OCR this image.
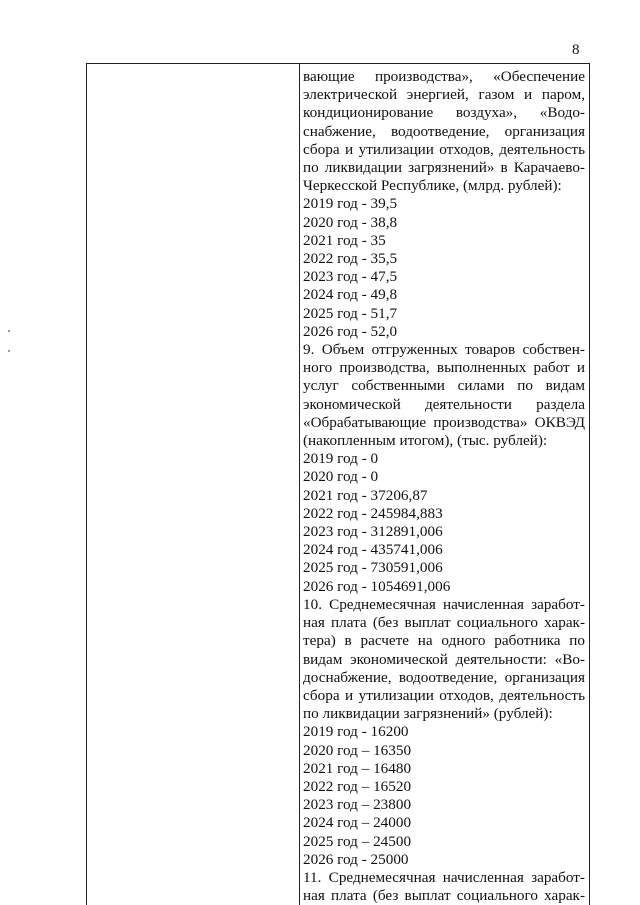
8
вающие производства», «Обеспечение
электрической энергией, газом и паром,
кондиционирование воздуха», «Водо-
снабжение, водоотведение, организация
сбора и утилизации отходов, деятельность
по ликвидации загрязнений» в Карачаево-
Черкесской Республике, (млрд. рублей):
2019 год - 39,5
2020 год - 38,8
2021 год - 35
2022 год - 35,5
2023 год - 47,5
2024 год - 49,8
2025 год - 51,7
2026 год - 52,0
9. Объем отгруженных товаров собствен-
ного производства, выполненных работ и
услуг собственными силами по видам
экономической деятельности раздела
«Обрабатывающие производства» ОКВЭД
(накопленным итогом), (тыс. рублей):
2019 год - 0
2020 год - 0
2021 год - 37206,87
2022 год - 245984,883
2023 год - 312891,006
2024 год - 435741,006
2025 год - 730591,006
2026 год - 1054691,006
10. Среднемесячная начисленная заработ-
ная плата (без выплат социального харак-
тера) в расчете на одного работника по
видам экономической деятельности: «Во-
доснабжение, водоотведение, организация
сбора и утилизации отходов, деятельность
по ликвидации загрязнений» (рублей):
2019 год - 16200
2020 год – 16350
2021 год – 16480
2022 год – 16520
2023 год – 23800
2024 год – 24000
2025 год – 24500
2026 год - 25000
11. Среднемесячная начисленная заработ-
ная плата (без выплат социального харак-
